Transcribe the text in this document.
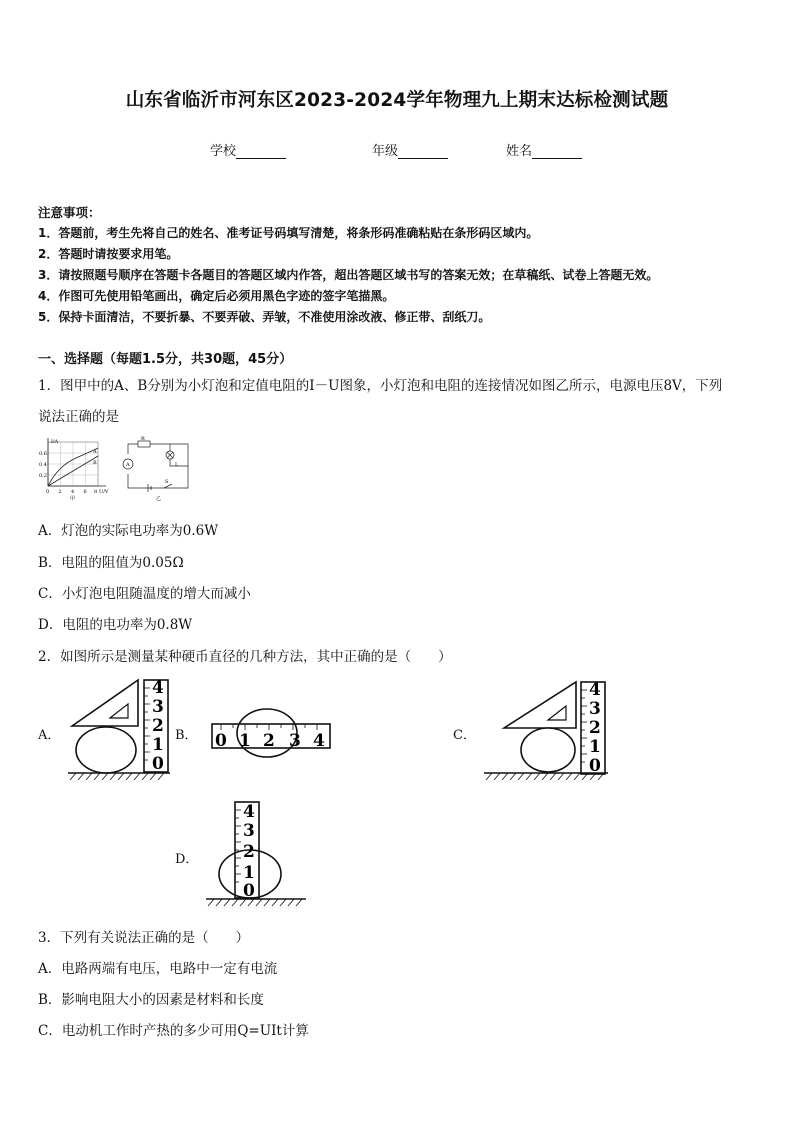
山东省临沂市河东区2023-2024学年物理九上期末达标检测试题
学校	年级	姓名
注意事项：
1．答题前，考生先将自己的姓名、准考证号码填写清楚，将条形码准确粘贴在条形码区域内。
2．答题时请按要求用笔。
3．请按照题号顺序在答题卡各题目的答题区域内作答，超出答题区域书写的答案无效；在草稿纸、试卷上答题无效。
4．作图可先使用铅笔画出，确定后必须用黑色字迹的签字笔描黑。
5．保持卡面清洁，不要折暴、不要弄破、弄皱，不准使用涂改液、修正带、刮纸刀。
一、选择题（每题1.5分，共30题，45分）
1．图甲中的A、B分别为小灯泡和定值电阻的I－U图象，小灯泡和电阻的连接情况如图乙所示，电源电压8V，下列
说法正确的是
I/A
0.6
0.4
0.2
0 2 4 6 8 U/V
A
B
甲
R
L
A
S
乙
A．灯泡的实际电功率为0.6W
B．电阻的阻值为0.05Ω
C．小灯泡电阻随温度的增大而减小
D．电阻的电功率为0.8W
2．如图所示是测量某种硬币直径的几种方法，其中正确的是（　　）
A．
4
3
2
1
0
B． 0 1 2 3 4	C．
4
3
2
1
0
D．
4
3
2
1
0
3．下列有关说法正确的是（　　）
A．电路两端有电压，电路中一定有电流
B．影响电阻大小的因素是材料和长度
C．电动机工作时产热的多少可用Q=UIt计算
